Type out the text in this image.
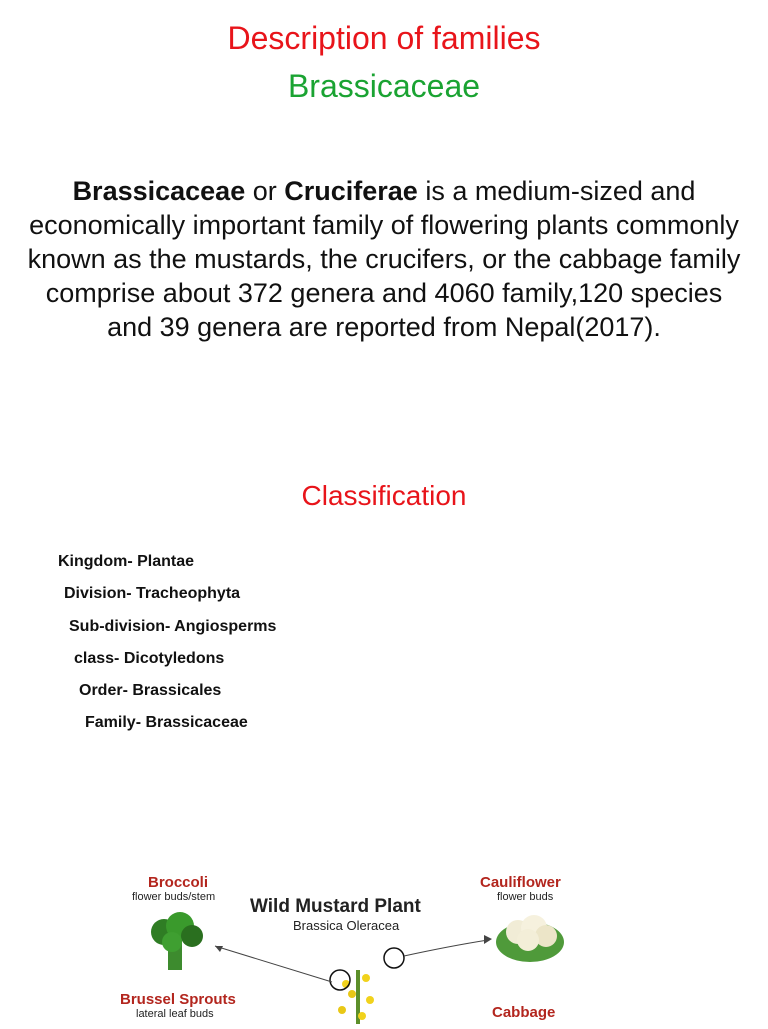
Description of families
Brassicaceae
Brassicaceae or Cruciferae is a medium-sized and economically important family of flowering plants commonly known as the mustards, the crucifers, or the cabbage family comprise about 372 genera and 4060 family,120 species and 39 genera are reported from Nepal(2017).
Classification
Kingdom- Plantae
Division- Tracheophyta
Sub-division- Angiosperms
class- Dicotyledons
Order- Brassicales
Family- Brassicaceae
Broccoli
flower buds/stem Wild Mustard Plant
Brassica Oleracea
Cauliflower
flower buds
Brussel Sprouts
lateral leaf buds	Cabbage
